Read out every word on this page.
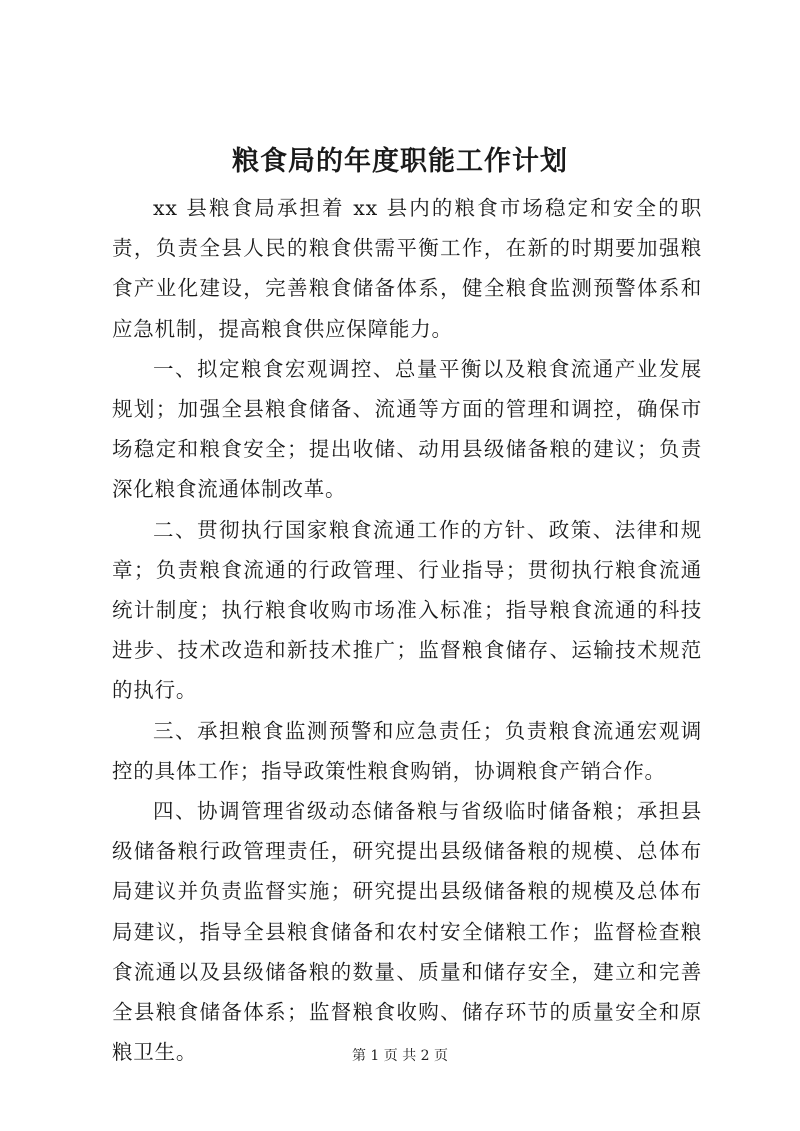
粮食局的年度职能工作计划

xx 县粮食局承担着 xx 县内的粮食市场稳定和安全的职责，负责全县人民的粮食供需平衡工作，在新的时期要加强粮食产业化建设，完善粮食储备体系，健全粮食监测预警体系和应急机制，提高粮食供应保障能力。

一、拟定粮食宏观调控、总量平衡以及粮食流通产业发展规划；加强全县粮食储备、流通等方面的管理和调控，确保市场稳定和粮食安全；提出收储、动用县级储备粮的建议；负责深化粮食流通体制改革。

二、贯彻执行国家粮食流通工作的方针、政策、法律和规章；负责粮食流通的行政管理、行业指导；贯彻执行粮食流通统计制度；执行粮食收购市场准入标准；指导粮食流通的科技进步、技术改造和新技术推广；监督粮食储存、运输技术规范的执行。

三、承担粮食监测预警和应急责任；负责粮食流通宏观调控的具体工作；指导政策性粮食购销，协调粮食产销合作。

四、协调管理省级动态储备粮与省级临时储备粮；承担县级储备粮行政管理责任，研究提出县级储备粮的规模、总体布局建议并负责监督实施；研究提出县级储备粮的规模及总体布局建议，指导全县粮食储备和农村安全储粮工作；监督检查粮食流通以及县级储备粮的数量、质量和储存安全，建立和完善全县粮食储备体系；监督粮食收购、储存环节的质量安全和原粮卫生。	第 1 页 共 2 页
